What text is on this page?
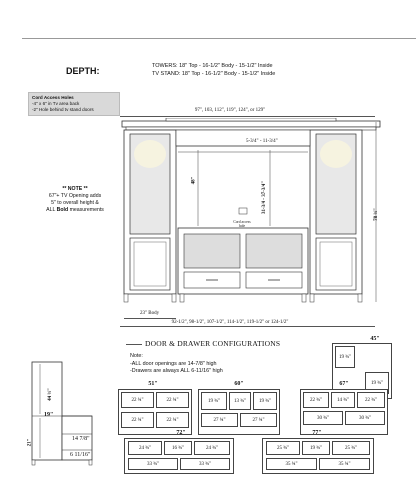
DEPTH:	TOWERS: 18" Top - 16-1/2" Body - 15-1/2" Inside
TV STAND: 18" Top - 16-1/2" Body - 15-1/2" Inside
Cord Access Holes
-4" x 6" in Tv area back
-2" Hole behind tv stand doors
** NOTE **
67"+ TV Opening adds
5" to overall height &
ALL Bold measurements
97", 103, 112", 119", 124", or 129"
5-3/4" - 11-3/4"
48"
31-3/4 - 37-3/4"
Cord access hole
78 ½"
23" Body
92-1/2", 98-1/2", 107-1/2", 114-1/2", 119-1/2" or 124-1/2"
DOOR & DRAWER CONFIGURATIONS
44 ½"
19"
21"	14 7/8"
6 11/16"
Note:
-ALL door openings are 14-7/8" high
-Drawers are always ALL 6-11/16" high
45"
19 ¾"
19 ¾"
51"
22 ¾"	22 ¾"
22 ¾"	22 ¾"
60"
19 ¾"	13 ¾"	19 ¾"
27 ¾"	27 ¾"
67"
22 ¾"	14 ¾"	22 ¾"
30 ¾"	30 ¾"
72"
24 ¾"	16 ¾"	24 ¾"
33 ¾"	33 ¾"
77"
25 ¾"	19 ¾"	25 ¾"
35 ¾"	35 ¾"
